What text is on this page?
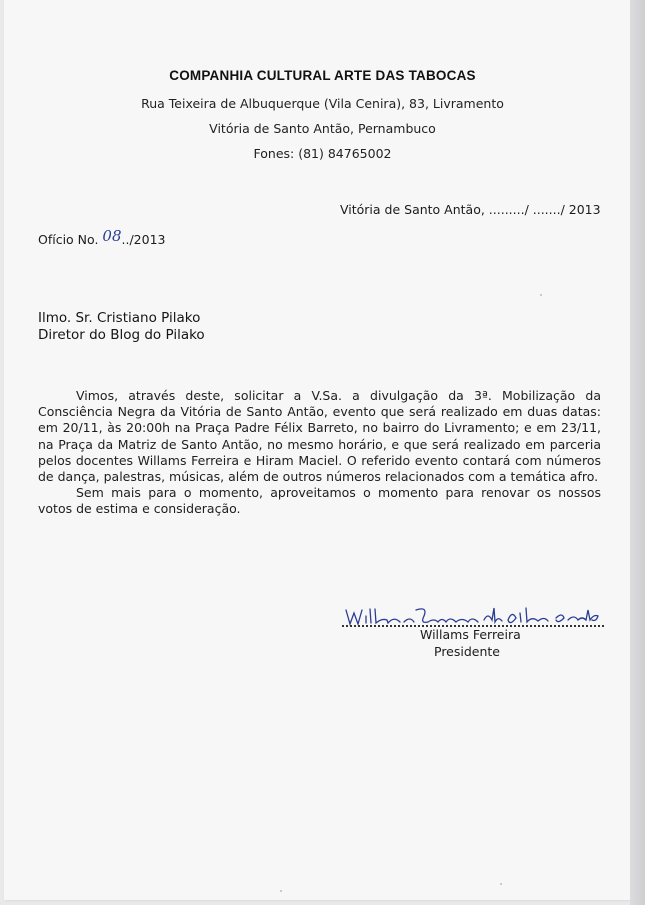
COMPANHIA CULTURAL ARTE DAS TABOCAS
Rua Teixeira de Albuquerque (Vila Cenira), 83, Livramento
Vitória de Santo Antão, Pernambuco
Fones: (81) 84765002
Vitória de Santo Antão, ........./ ......./ 2013
Ofício No. 08../2013
Ilmo. Sr. Cristiano Pilako
Diretor do Blog do Pilako

Vimos, através deste, solicitar a V.Sa. a divulgação da 3ª. Mobilização da Consciência Negra da Vitória de Santo Antão, evento que será realizado em duas datas: em 20/11, às 20:00h na Praça Padre Félix Barreto, no bairro do Livramento; e em 23/11, na Praça da Matriz de Santo Antão, no mesmo horário, e que será realizado em parceria pelos docentes Willams Ferreira e Hiram Maciel. O referido evento contará com números de dança, palestras, músicas, além de outros números relacionados com a temática afro.

Sem mais para o momento, aproveitamos o momento para renovar os nossos votos de estima e consideração.

Willams Ferreira
Presidente
